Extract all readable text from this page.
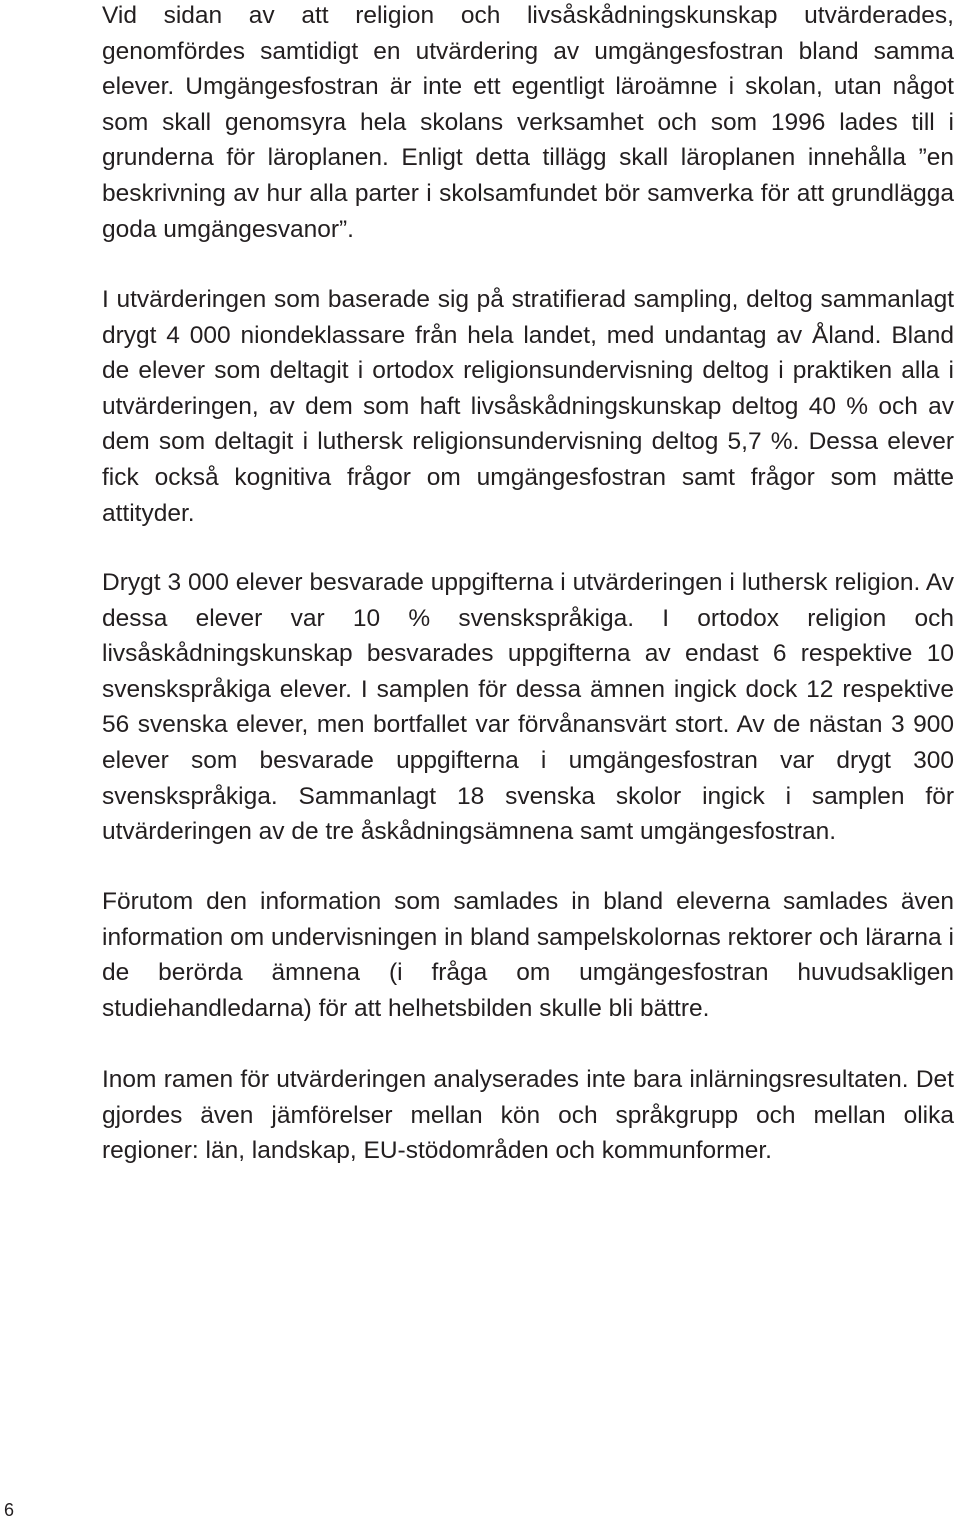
Vid sidan av att religion och livsåskådningskunskap utvärderades, genomfördes samtidigt en utvärdering av umgängesfostran bland samma elever. Umgängesfostran är inte ett egentligt läroämne i skolan, utan något som skall genomsyra hela skolans verksamhet och som 1996 lades till i grunderna för läroplanen. Enligt detta tillägg skall läroplanen innehålla ”en beskrivning av hur alla parter i skolsamfundet bör samverka för att grundlägga goda umgängesvanor”.

I utvärderingen som baserade sig på stratifierad sampling, deltog sammanlagt drygt 4 000 niondeklassare från hela landet, med undantag av Åland. Bland de elever som deltagit i ortodox religionsundervisning deltog i praktiken alla i utvärderingen, av dem som haft livsåskådningskunskap deltog 40 % och av dem som deltagit i luthersk religionsundervisning deltog 5,7 %. Dessa elever fick också kognitiva frågor om umgängesfostran samt frågor som mätte attityder.

Drygt 3 000 elever besvarade uppgifterna i utvärderingen i luthersk religion. Av dessa elever var 10 % svenskspråkiga. I ortodox religion och livsåskådningskunskap besvarades uppgifterna av endast 6 respektive 10 svenskspråkiga elever. I samplen för dessa ämnen ingick dock 12 respektive 56 svenska elever, men bortfallet var förvånansvärt stort. Av de nästan 3 900 elever som besvarade uppgifterna i umgängesfostran var drygt 300 svenskspråkiga. Sammanlagt 18 svenska skolor ingick i samplen för utvärderingen av de tre åskådningsämnena samt umgängesfostran.

Förutom den information som samlades in bland eleverna samlades även information om undervisningen in bland sampelskolornas rektorer och lärarna i de berörda ämnena (i fråga om umgängesfostran huvudsakligen studiehandledarna) för att helhetsbilden skulle bli bättre.

Inom ramen för utvärderingen analyserades inte bara inlärningsresultaten. Det gjordes även jämförelser mellan kön och språkgrupp och mellan olika regioner: län, landskap, EU-stödområden och kommunformer.

6
